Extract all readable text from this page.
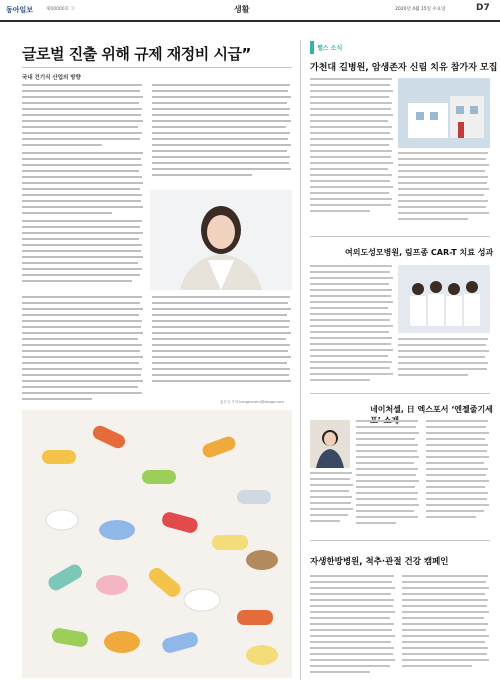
동아일보	제00000호 ⓒ	생활	2020년 4월 15일 수요일	D7
글로벌 진출 위해 규제 재정비 시급”
국내 건기식 산업의 방향
홍은심 기자 hongeunsim@donga.com
헬스 소식
가천대 길병원, 암생존자 신림 치유 참가자 모집
여의도성모병원, 림프종 CAR-T 치료 성과
네이처셀, 日 엑스포서 ‘엔젤줄기세
자생한방병원, 척추·관절 건강 캠페인
